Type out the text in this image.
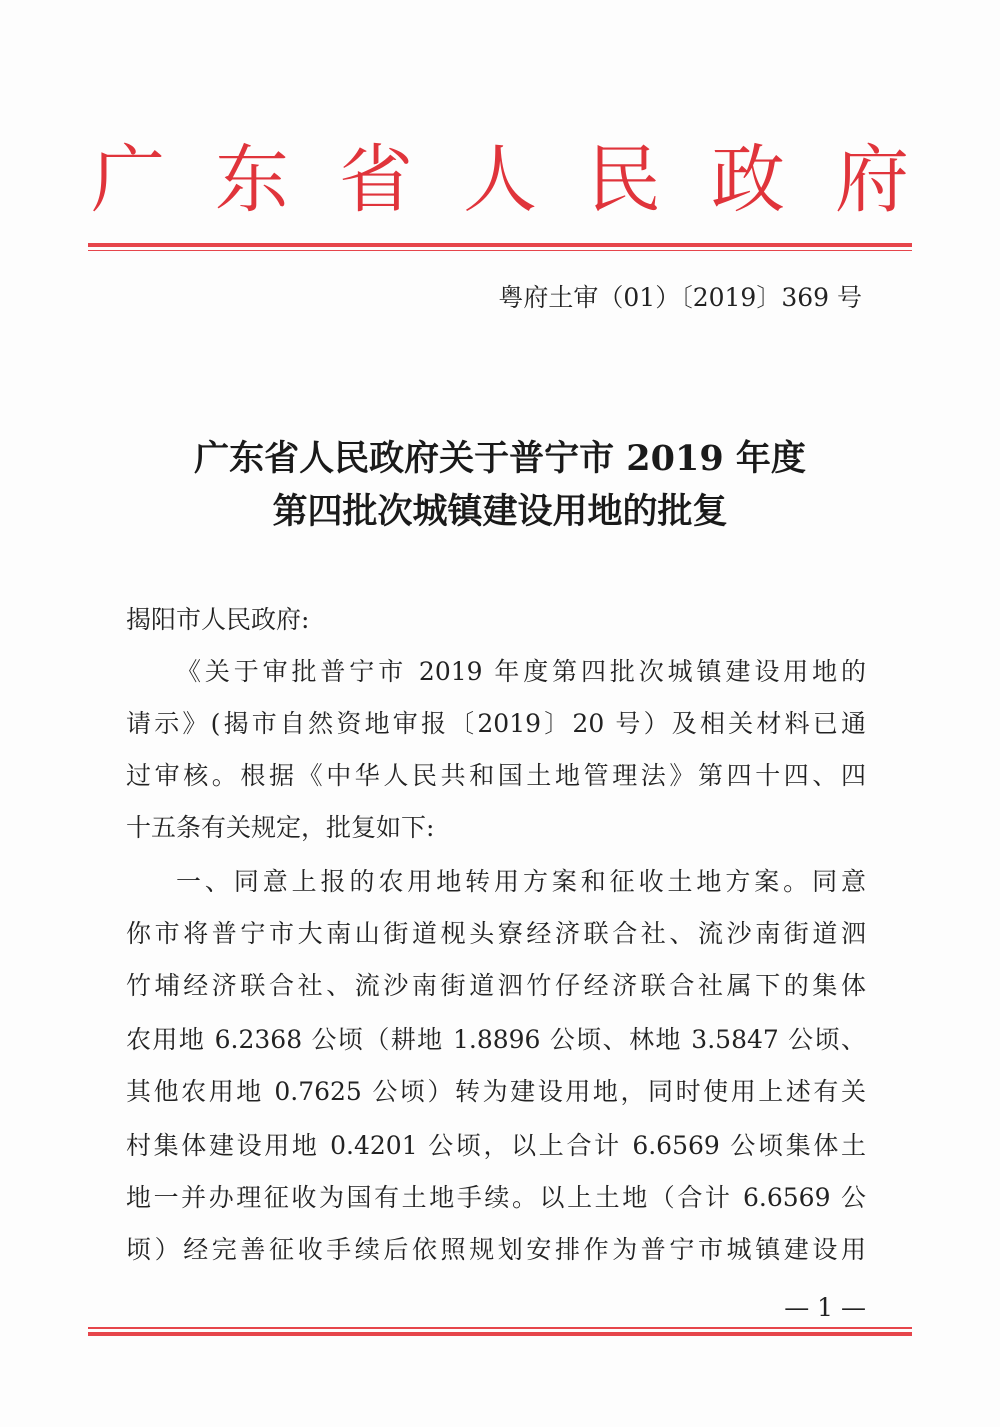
广 东 省 人 民 政 府
粤府土审（01）〔2019〕369 号
广东省人民政府关于普宁市 2019 年度
第四批次城镇建设用地的批复
揭阳市人民政府:
《关于审批普宁市 2019 年度第四批次城镇建设用地的
请示》(揭市自然资地审报〔2019〕20 号）及相关材料已通
过审核。根据《中华人民共和国土地管理法》第四十四、四
十五条有关规定，批复如下:
一、同意上报的农用地转用方案和征收土地方案。同意
你市将普宁市大南山街道枧头寮经济联合社、流沙南街道泗
竹埔经济联合社、流沙南街道泗竹仔经济联合社属下的集体
农用地 6.2368 公顷（耕地 1.8896 公顷、林地 3.5847 公顷、
其他农用地 0.7625 公顷）转为建设用地，同时使用上述有关
村集体建设用地 0.4201 公顷，以上合计 6.6569 公顷集体土
地一并办理征收为国有土地手续。以上土地（合计 6.6569 公
顷）经完善征收手续后依照规划安排作为普宁市城镇建设用
— 1 —
